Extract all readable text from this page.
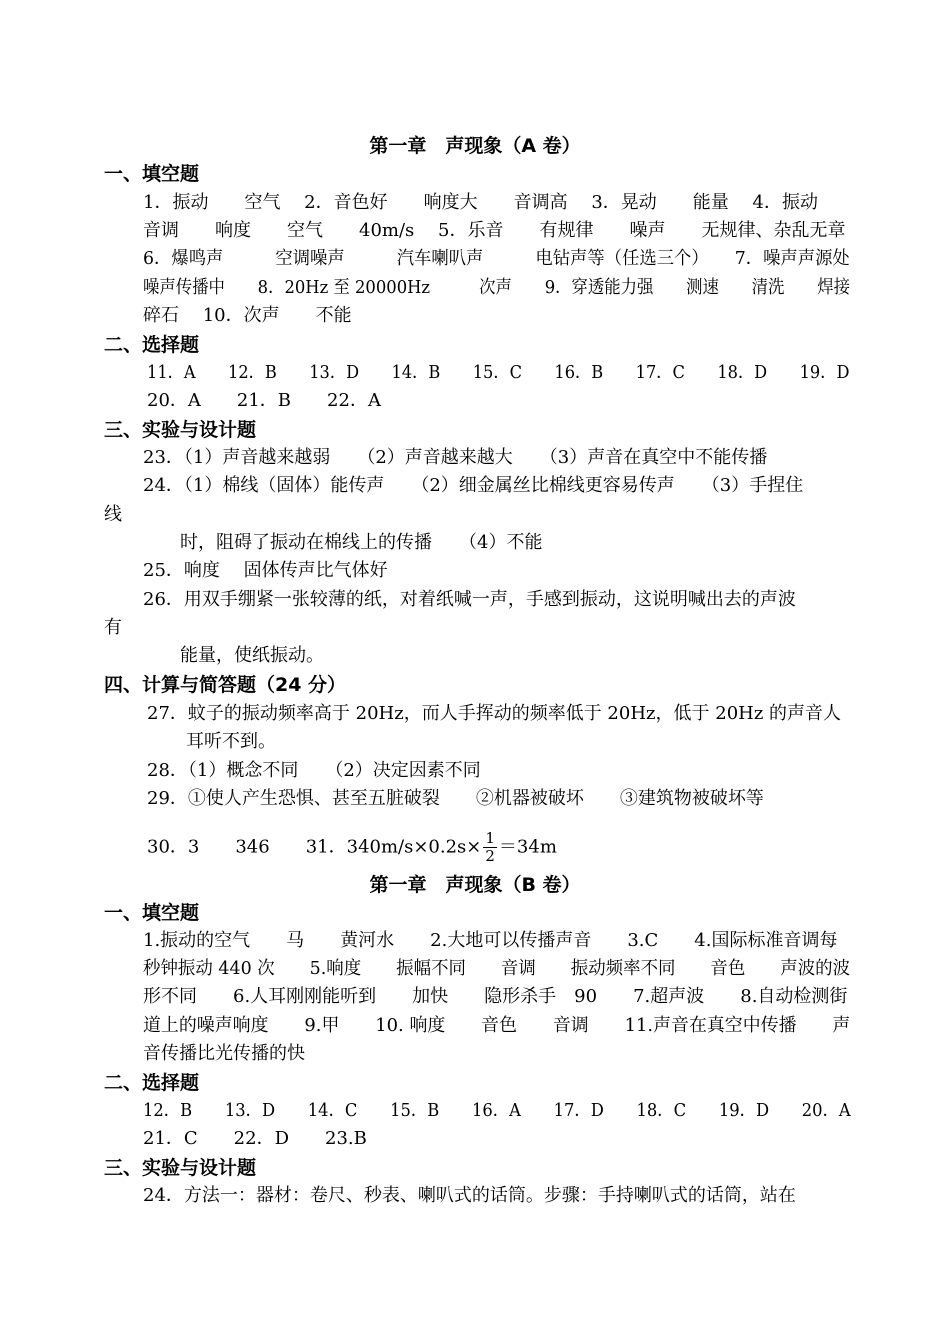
第一章　声现象（A 卷）
一、填空题
1．振动　　空气　 2．音色好　　响度大　　音调高　 3．晃动　　能量　 4．振动
音调　　响度　　空气　　40m/s　 5．乐音　　有规律　　噪声　　无规律、杂乱无章
6．爆鸣声　　　空调噪声　　　汽车喇叭声　　　电钻声等（任选三个）　　7．噪声声源处
噪声传播中　　8．20Hz 至 20000Hz　　　次声　　9．穿透能力强　　测速　　清洗　　焊接
碎石　 10．次声　　不能
二、选择题
11．A　　12．B　　13．D　　14．B　　15．C　　16．B　　17．C　　18．D　　19．D
20．A　　21．B　　22．A
三、实验与设计题
23．（1）声音越来越弱　　（2）声音越来越大　　（3）声音在真空中不能传播
24．（1）棉线（固体）能传声　　（2）细金属丝比棉线更容易传声　　（3）手捏住
线
时，阻碍了振动在棉线上的传播　　（4）不能
25．响度　 固体传声比气体好
26．用双手绷紧一张较薄的纸，对着纸喊一声，手感到振动，这说明喊出去的声波
有
能量，使纸振动。
四、计算与简答题（24 分）
27．蚊子的振动频率高于 20Hz，而人手挥动的频率低于 20Hz，低于 20Hz 的声音人
耳听不到。
28．（1）概念不同　　（2）决定因素不同
29．①使人产生恐惧、甚至五脏破裂　　②机器被破坏　　③建筑物被破坏等
30．3　　346　　31．$340m/s\times 0.2s\times \frac{1}{2} =34m$
第一章　声现象（B 卷）
一、填空题
1.振动的空气　　马　　黄河水　　2.大地可以传播声音　　3.C　　4.国际标准音调每
秒钟振动 440 次　　5.响度　　振幅不同　　音调　　振动频率不同　　音色　　声波的波
形不同　　6.人耳刚刚能听到　　加快　　隐形杀手　90　　7.超声波　　8.自动检测街
道上的噪声响度　　9.甲　　10. 响度　　音色　　音调　　11.声音在真空中传播　　声
音传播比光传播的快
二、选择题
12．B　　13．D　　14．C　　15．B　　16．A　　17．D　　18．C　　19．D　　20．A
21．C　　22．D　　23.B
三、实验与设计题
24．方法一：器材：卷尺、秒表、喇叭式的话筒。步骤：手持喇叭式的话筒，站在
